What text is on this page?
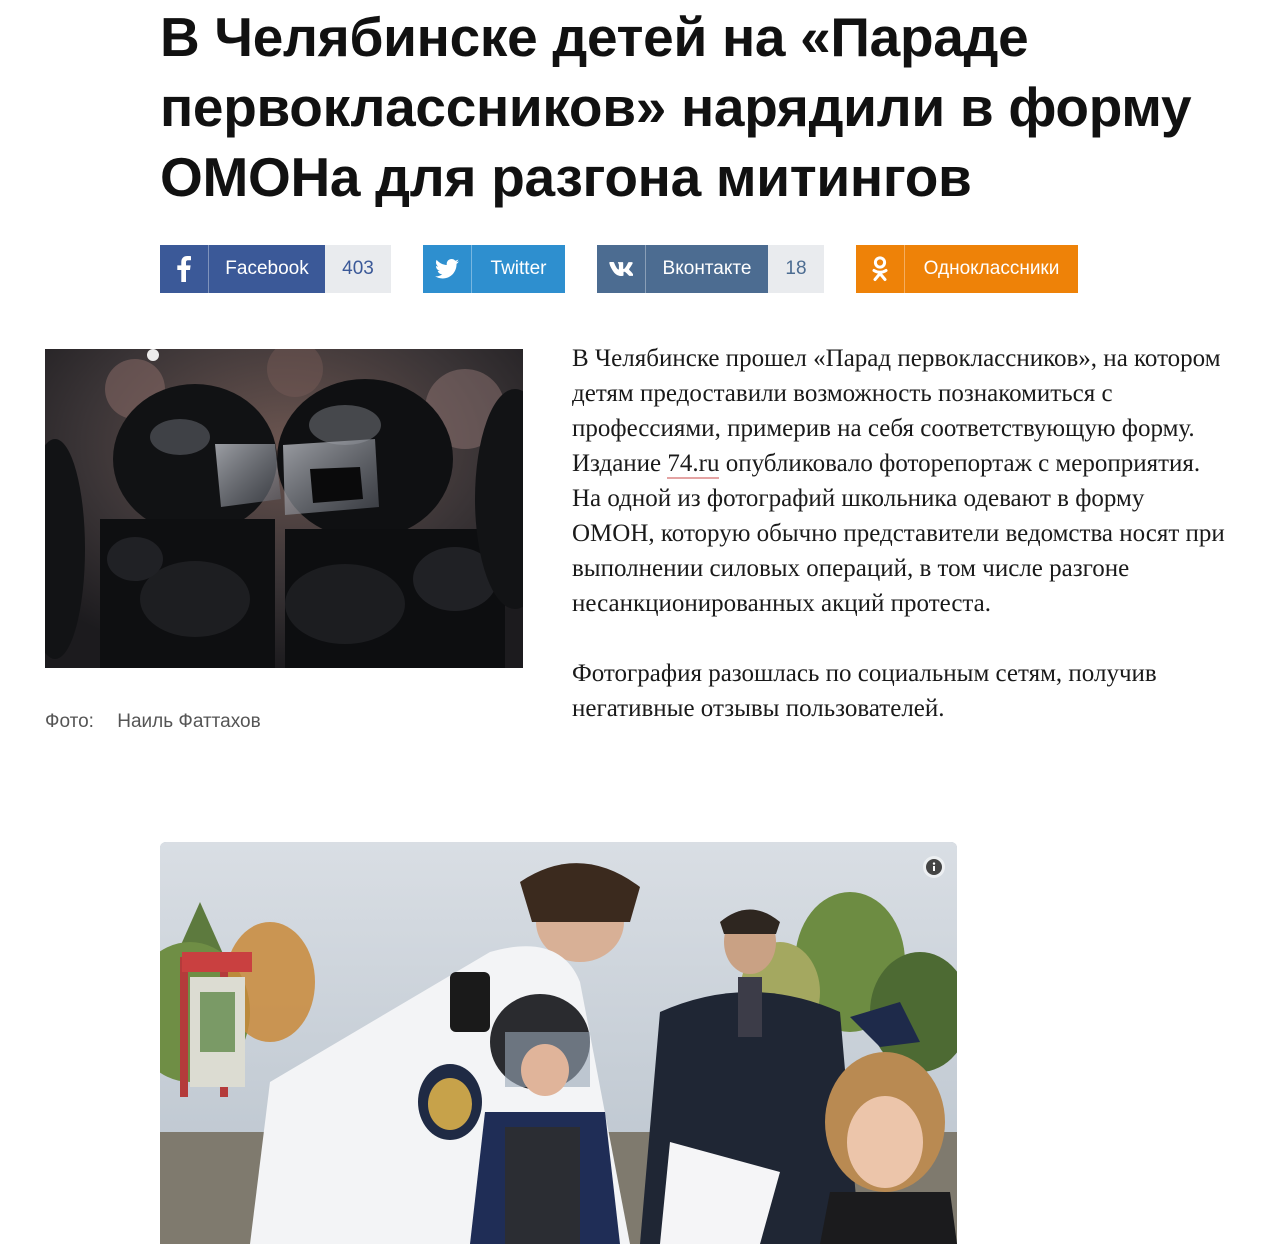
В Челябинске детей на «Параде первоклассников» нарядили в форму ОМОНа для разгона митингов
Facebook	403	Twitter	Вконтакте	18	Одноклассники
Фото: Наиль Фаттахов

В Челябинске прошел «Парад первоклассников», на котором детям предоставили возможность познакомиться с профессиями, примерив на себя соответствующую форму. Издание 74.ru опубликовало фоторепортаж с мероприятия. На одной из фотографий школьника одевают в форму ОМОН, которую обычно представители ведомства носят при выполнении силовых операций, в том числе разгоне несанкционированных акций протеста.

Фотография разошлась по социальным сетям, получив негативные отзывы пользователей.
